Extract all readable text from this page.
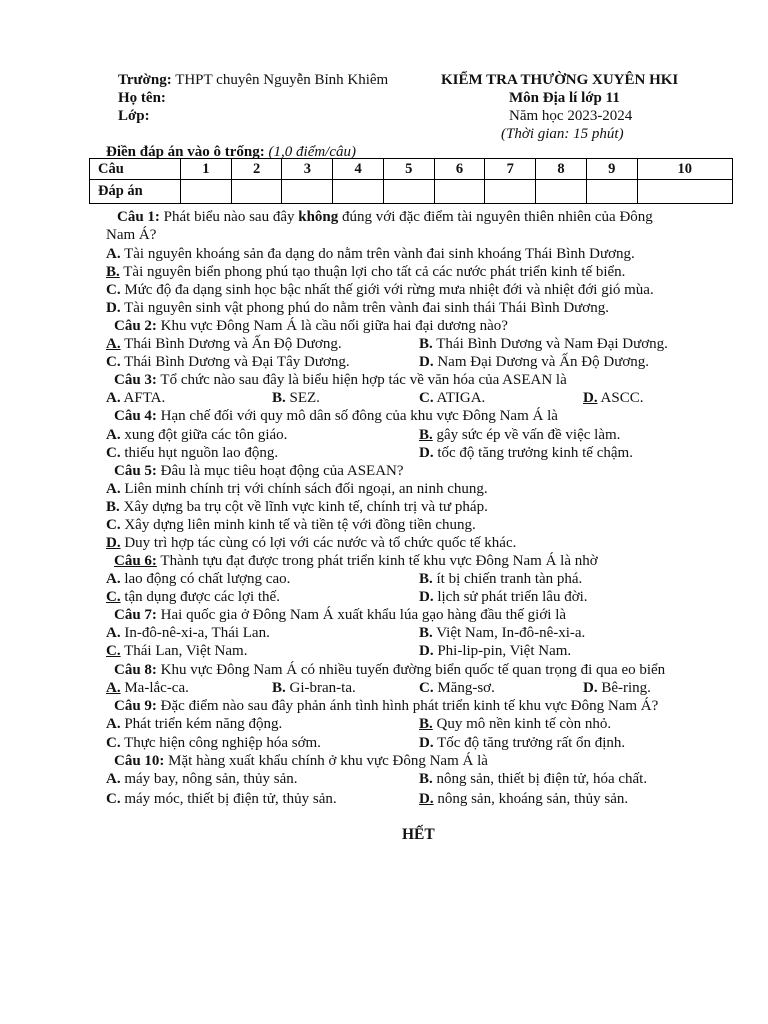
Trường: THPT chuyên Nguyễn Bỉnh Khiêm
Họ tên:
Lớp:
KIỂM TRA THƯỜNG XUYÊN HKI
Môn Địa lí lớp 11
Năm học 2023-2024
(Thời gian: 15 phút)
Điền đáp án vào ô trống: (1,0 điểm/câu)
Câu	1	2	3	4	5	6	7	8	9	10
Đáp án										
Câu 1: Phát biểu nào sau đây không đúng với đặc điểm tài nguyên thiên nhiên của Đông
Nam Á?
A. Tài nguyên khoáng sản đa dạng do nằm trên vành đai sinh khoáng Thái Bình Dương.
B. Tài nguyên biển phong phú tạo thuận lợi cho tất cả các nước phát triển kinh tế biển.
C. Mức độ đa dạng sinh học bậc nhất thế giới với rừng mưa nhiệt đới và nhiệt đới gió mùa.
D. Tài nguyên sinh vật phong phú do nằm trên vành đai sinh thái Thái Bình Dương.
Câu 2: Khu vực Đông Nam Á là cầu nối giữa hai đại dương nào?
A. Thái Bình Dương và Ấn Độ Dương.	B. Thái Bình Dương và Nam Đại Dương.
C. Thái Bình Dương và Đại Tây Dương.	D. Nam Đại Dương và Ấn Độ Dương.
Câu 3: Tổ chức nào sau đây là biểu hiện hợp tác về văn hóa của ASEAN là
A. AFTA.	B. SEZ.	C. ATIGA.	D. ASCC.
Câu 4: Hạn chế đối với quy mô dân số đông của khu vực Đông Nam Á là
A. xung đột giữa các tôn giáo.	B. gây sức ép về vấn đề việc làm.
C. thiếu hụt nguồn lao động.	D. tốc độ tăng trưởng kinh tế chậm.
Câu 5: Đâu là mục tiêu hoạt động của ASEAN?
A. Liên minh chính trị với chính sách đối ngoại, an ninh chung.
B. Xây dựng ba trụ cột về lĩnh vực kinh tế, chính trị và tư pháp.
C. Xây dựng liên minh kinh tế và tiền tệ với đồng tiền chung.
D. Duy trì hợp tác cùng có lợi với các nước và tổ chức quốc tế khác.
Câu 6: Thành tựu đạt được trong phát triển kinh tế khu vực Đông Nam Á là nhờ
A. lao động có chất lượng cao.	B. ít bị chiến tranh tàn phá.
C. tận dụng được các lợi thế.	D. lịch sử phát triển lâu đời.
Câu 7: Hai quốc gia ở Đông Nam Á xuất khẩu lúa gạo hàng đầu thế giới là
A. In-đô-nê-xi-a, Thái Lan.	B. Việt Nam, In-đô-nê-xi-a.
C. Thái Lan, Việt Nam.	D. Phi-lip-pin, Việt Nam.
Câu 8: Khu vực Đông Nam Á có nhiều tuyến đường biển quốc tế quan trọng đi qua eo biển
A. Ma-lắc-ca.	B. Gi-bran-ta.	C. Măng-sơ.	D. Bê-ring.
Câu 9: Đặc điểm nào sau đây phản ánh tình hình phát triển kinh tế khu vực Đông Nam Á?
A. Phát triển kém năng động.	B. Quy mô nền kinh tế còn nhỏ.
C. Thực hiện công nghiệp hóa sớm.	D. Tốc độ tăng trưởng rất ổn định.
Câu 10: Mặt hàng xuất khẩu chính ở khu vực Đông Nam Á là
A. máy bay, nông sản, thủy sản.	B. nông sản, thiết bị điện tử, hóa chất.
C. máy móc, thiết bị điện tử, thủy sản.	D. nông sản, khoáng sản, thủy sản.
HẾT
